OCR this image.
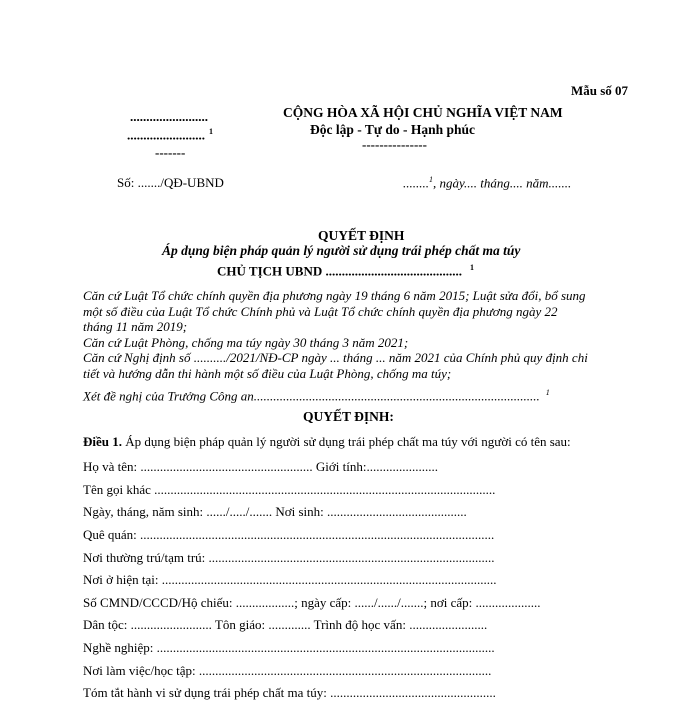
Mẫu số 07
........................
........................ $^1$
-------
CỘNG HÒA XÃ HỘI CHỦ NGHĨA VIỆT NAM
Độc lập - Tự do - Hạnh phúc
---------------
Số: ......./QĐ-UBND	........$^1$, ngày.... tháng.... năm.......
QUYẾT ĐỊNH
Áp dụng biện pháp quản lý người sử dụng trái phép chất ma túy
CHỦ TỊCH UBND .......................................... $^1$
Căn cứ Luật Tổ chức chính quyền địa phương ngày 19 tháng 6 năm 2015; Luật sửa đổi, bổ sung
một số điều của Luật Tổ chức Chính phủ và Luật Tổ chức chính quyền địa phương ngày 22
tháng 11 năm 2019;
Căn cứ Luật Phòng, chống ma túy ngày 30 tháng 3 năm 2021;
Căn cứ Nghị định số ........../2021/NĐ-CP ngày ... tháng ... năm 2021 của Chính phủ quy định chi
tiết và hướng dẫn thi hành một số điều của Luật Phòng, chống ma túy;
Xét đề nghị của Trưởng Công an........................................................................................ $^1$
QUYẾT ĐỊNH:
Điều 1. Áp dụng biện pháp quản lý người sử dụng trái phép chất ma túy với người có tên sau:
Họ và tên: ..................................................... Giới tính:......................
Tên gọi khác .........................................................................................................
Ngày, tháng, năm sinh: ....../...../....... Nơi sinh: ...........................................
Quê quán: .............................................................................................................
Nơi thường trú/tạm trú: ........................................................................................
Nơi ở hiện tại: .......................................................................................................
Số CMND/CCCD/Hộ chiếu: ..................; ngày cấp: ....../....../.......; nơi cấp: ....................
Dân tộc: ......................... Tôn giáo: ............. Trình độ học vấn: ........................
Nghề nghiệp: ........................................................................................................
Nơi làm việc/học tập: ..........................................................................................
Tóm tắt hành vi sử dụng trái phép chất ma túy: ...................................................
